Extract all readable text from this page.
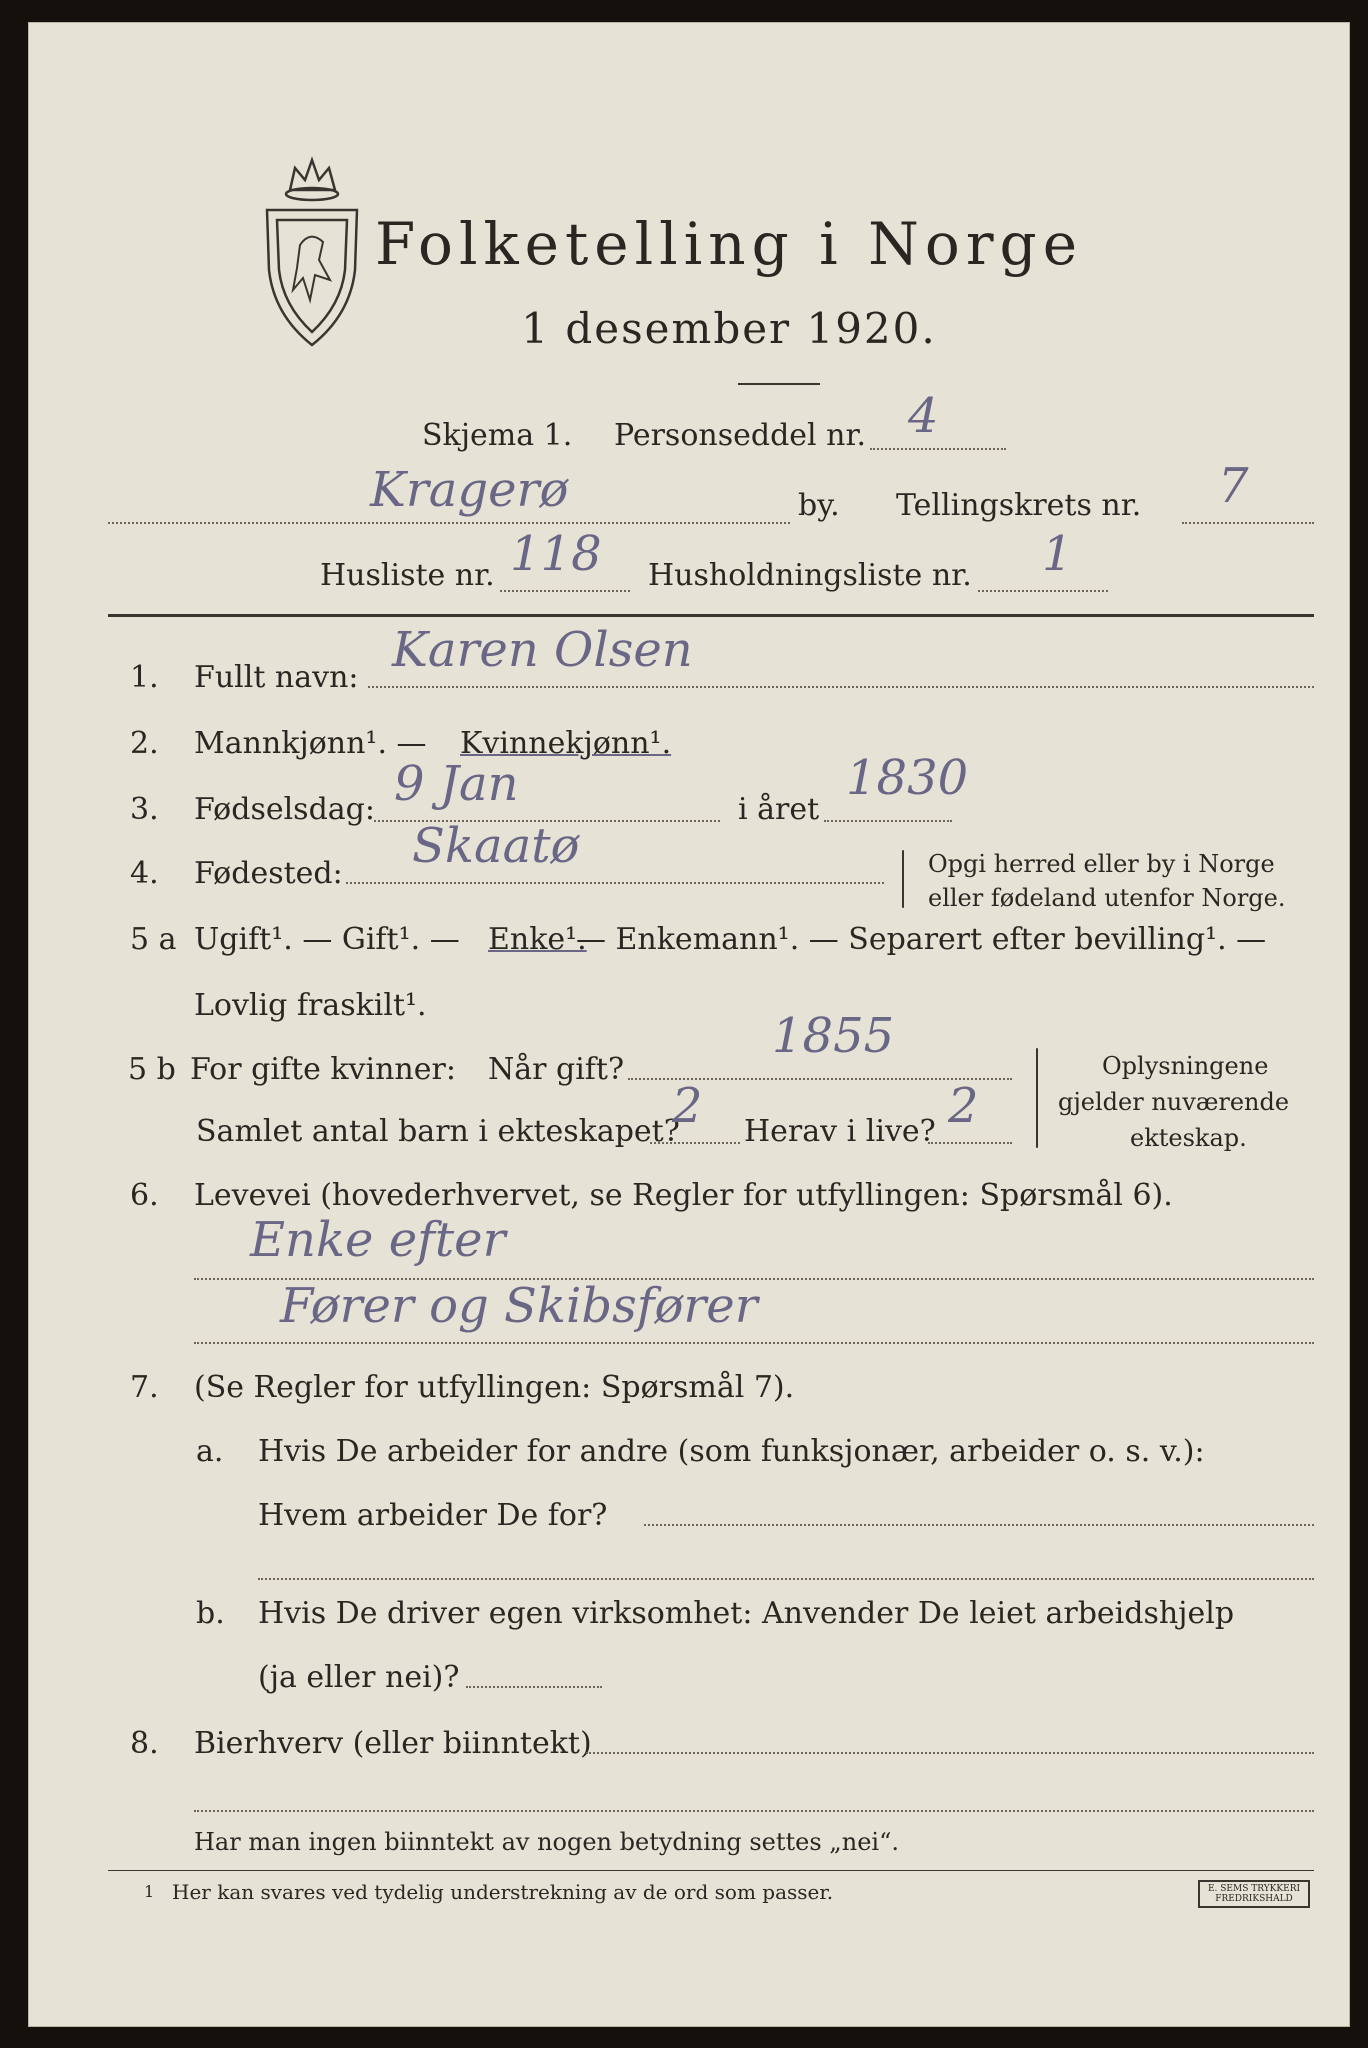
Folketelling i Norge
1 desember 1920.
Skjema 1. Personseddel nr. 4
Kragerø	by. Tellingskrets nr. 7
Husliste nr. 118 Husholdningsliste nr. 1
1. Fullt navn: Karen Olsen
2. Mannkjønn¹. — Kvinnekjønn¹.
3. Fødselsdag: 9 Jan	i året
1830
4. Fødested: Skaatø	Opgi herred eller by i Norge
eller fødeland utenfor Norge.
5 a Ugift¹. — Gift¹. — Enke¹.
— Enkemann¹. — Separert efter bevilling¹. —
Lovlig fraskilt¹.
5 b For gifte kvinner: Når gift?
1855
Samlet antal barn i ekteskapet?
2 Herav i live? 2
Oplysningene
gjelder nuværende
ekteskap.
6. Levevei (hovederhvervet, se Regler for utfyllingen: Spørsmål 6).
Enke efter
Fører og Skibsfører
7. (Se Regler for utfyllingen: Spørsmål 7).
a. Hvis De arbeider for andre (som funksjonær, arbeider o. s. v.):
Hvem arbeider De for?
b. Hvis De driver egen virksomhet: Anvender De leiet arbeidshjelp
(ja eller nei)?
8. Bierhverv (eller biinntekt)
Har man ingen biinntekt av nogen betydning settes „nei“.
1 Her kan svares ved tydelig understrekning av de ord som passer.	E. SEMS TRYKKERI FREDRIKSHALD
